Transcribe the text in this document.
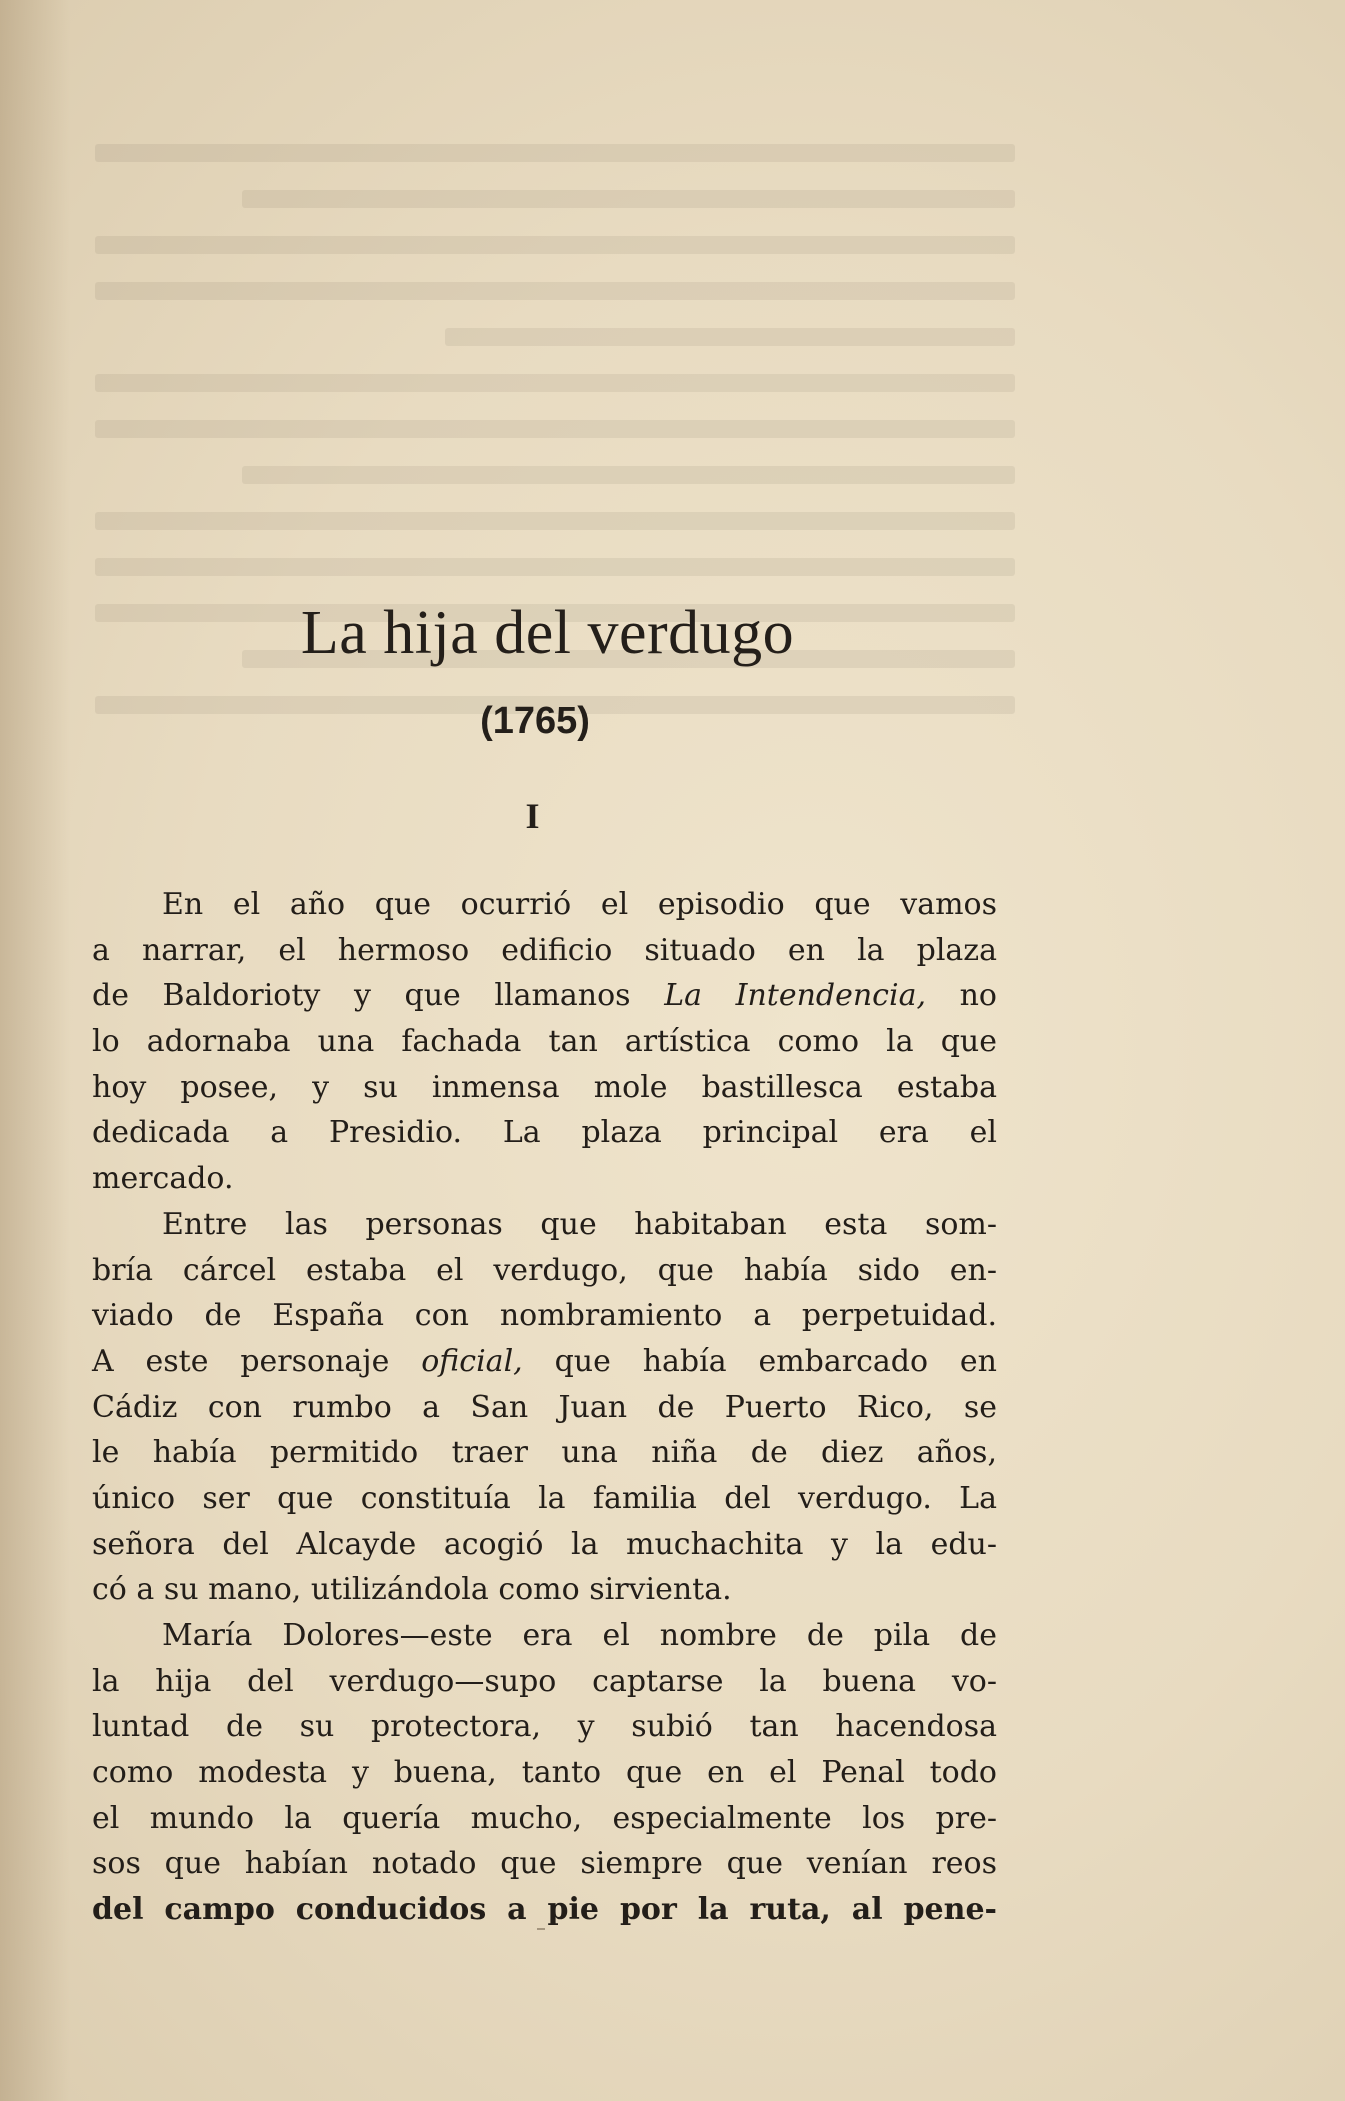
La hija del verdugo
(1765)
I
En el año que ocurrió el episodio que vamos
a narrar, el hermoso edificio situado en la plaza
de Baldorioty y que llamanos La Intendencia, no
lo adornaba una fachada tan artística como la que
hoy posee, y su inmensa mole bastillesca estaba
dedicada a Presidio. La plaza principal era el
mercado.
Entre las personas que habitaban esta som-
bría cárcel estaba el verdugo, que había sido en-
viado de España con nombramiento a perpetuidad.
A este personaje oficial, que había embarcado en
Cádiz con rumbo a San Juan de Puerto Rico, se
le había permitido traer una niña de diez años,
único ser que constituía la familia del verdugo. La
señora del Alcayde acogió la muchachita y la edu-
có a su mano, utilizándola como sirvienta.
María Dolores—este era el nombre de pila de
la hija del verdugo—supo captarse la buena vo-
luntad de su protectora, y subió tan hacendosa
como modesta y buena, tanto que en el Penal todo
el mundo la quería mucho, especialmente los pre-
sos que habían notado que siempre que venían reos
del campo conducidos a pie por la ruta, al pene-
